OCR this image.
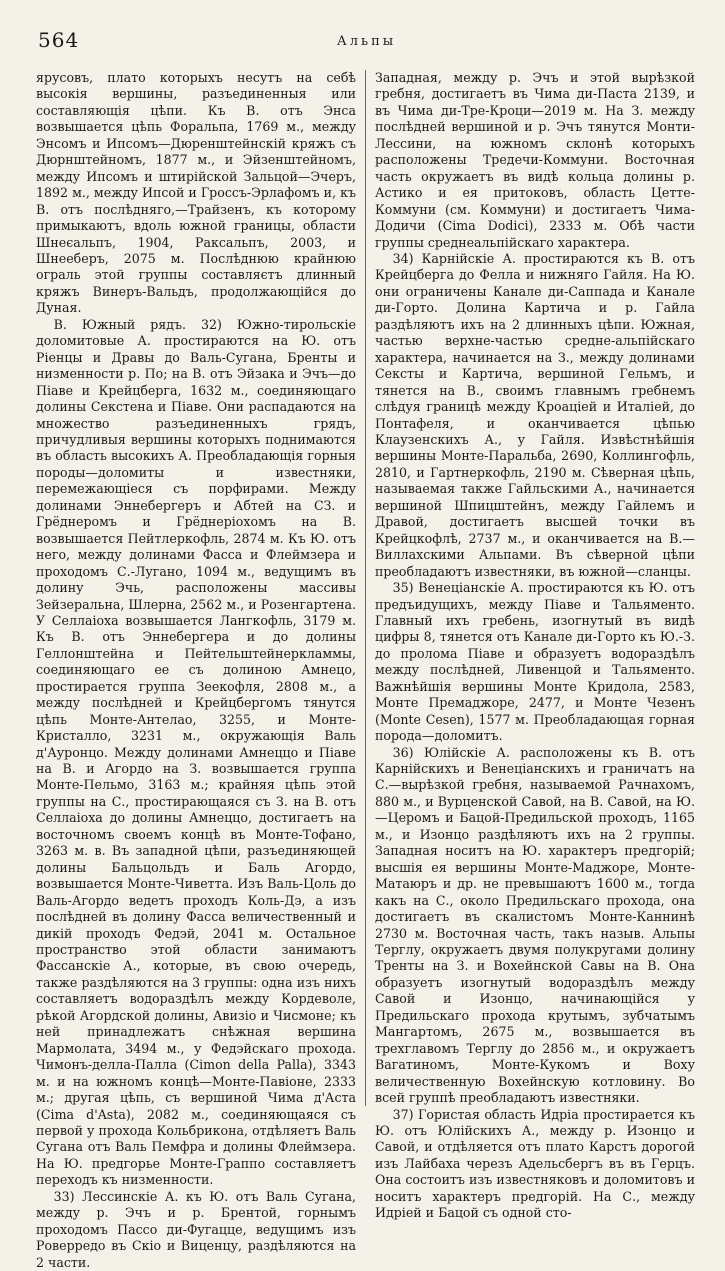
564	Альпы

ярусовъ, плато которыхъ несутъ на себѣ высокія вершины, разъединенныя или составляющія цѣпи. Къ В. отъ Энса возвышается цѣпь Форальпа, 1769 м., между Энсомъ и Ипсомъ—Дюренштейнскій кряжъ съ Дюрнштейномъ, 1877 м., и Эйзенштейномъ, между Ипсомъ и штирійской Зальцой—Эчеръ, 1892 м., между Ипсой и Гроссъ-Эрлафомъ и, къ В. отъ послѣдняго,—Трайзенъ, къ которому примыкаютъ, вдоль южной границы, области Шнеєальпъ, 1904, Раксальпъ, 2003, и Шнееберъ, 2075 м. Послѣднюю крайнюю ограль этой группы составляєтъ длинный кряжъ Винеръ-Вальдъ, продолжающійся до Дуная.

В. Южный рядъ. 32) Южно-тирольскіе доломитовые А. простираются на Ю. отъ Ріенцы и Дравы до Валь-Сугана, Бренты и низменности р. По; на В. отъ Эйзака и Эчъ—до Піаве и Крейцберга, 1632 м., соединяющаго долины Секстена и Піаве. Они распадаются на множество разъединенныхъ грядъ, причудливыя вершины которыхъ поднимаются въ область высокихъ А. Преобладающія горныя породы—доломиты и известняки, перемежающіеся съ порфирами. Между долинами Эннебергеръ и Абтей на СЗ. и Грёднеромъ и Грёднеріохомъ на В. возвышается Пейтлеркофль, 2874 м. Къ Ю. отъ него, между долинами Фасса и Флеймзера и проходомъ С.-Лугано, 1094 м., ведущимъ въ долину Эчь, расположены массивы Зейзеральна, Шлерна, 2562 м., и Розенгартена. У Селлаіоха возвышается Лангкофль, 3179 м. Къ В. отъ Эннебергера и до долины Геллонштейна и Пейтельштейнеркламмы, соединяющаго ее съ долиною Амнецо, простирается группа Зеекофля, 2808 м., а между послѣдней и Крейцбергомъ тянутся цѣпь Монте-Антелао, 3255, и Монте-Кристалло, 3231 м., окружающія Валь д'Ауронцо. Между долинами Амнеццо и Піаве на В. и Агордо на З. возвышается группа Монте-Пельмо, 3163 м.; крайняя цѣпь этой группы на С., простирающаяся съ З. на В. отъ Селлаіоха до долины Амнеццо, достигаетъ на восточномъ своемъ концѣ въ Монте-Тофано, 3263 м. в. Въ западной цѣпи, разъединяющей долины Бальцольдъ и Баль Агордо, возвышается Монте-Чиветта. Изъ Валь-Цоль до Валь-Агордо ведетъ проходъ Коль-Дэ, а изъ послѣдней въ долину Фасса величественный и дикій проходъ Федэй, 2041 м. Остальное пространство этой области занимаютъ Фассанскіе А., которые, въ свою очередь, также раздѣляются на 3 группы: одна изъ нихъ составляетъ водораздѣлъ между Кордеволе, рѣкой Агордской долины, Авизіо и Чисмоне; къ ней принадлежатъ снѣжная вершина Мармолата, 3494 м., у Федэйскаго прохода. Чимонъ-делла-Палла (Cimon della Palla), 3343 м. и на южномъ концѣ—Монте-Павіоне, 2333 м.; другая цѣпь, съ вершиной Чима д'Аста (Cima d'Asta), 2082 м., соединяющаяся съ первой у прохода Кольбрикона, отдѣляетъ Валь Сугана отъ Валь Пемфра и долины Флеймзера. На Ю. предгорье Монте-Граппо составляетъ переходъ къ низменности.

33) Лессинскіе А. къ Ю. отъ Валь Сугана, между р. Эчъ и р. Брентой, горнымъ проходомъ Пассо ди-Фугацце, ведущимъ изъ Роверредо въ Скіо и Виценцу, раздѣляются на 2 части.

Западная, между р. Эчъ и этой вырѣзкой гребня, достигаетъ въ Чима ди-Паста 2139, и въ Чима ди-Тре-Кроци—2019 м. На З. между послѣдней вершиной и р. Эчъ тянутся Монти-Лессини, на южномъ склонѣ которыхъ расположены Тредечи-Коммуни. Восточная часть окружаетъ въ видѣ кольца долины р. Астико и ея притоковъ, область Цетте-Коммуни (см. Коммуни) и достигаетъ Чима-Додичи (Cima Dodici), 2333 м. Обѣ части группы среднеальпійскаго характера.

34) Карнійскіе А. простираются къ В. отъ Крейцберга до Фелла и нижняго Гайля. На Ю. они ограничены Канале ди-Саппада и Канале ди-Горто. Долина Картича и р. Гайла раздѣляютъ ихъ на 2 длинныхъ цѣпи. Южная, частью верхне-частью средне-альпійскаго характера, начинается на З., между долинами Сексты и Картича, вершиной Гельмъ, и тянется на В., своимъ главнымъ гребнемъ слѣдуя границѣ между Кроаціей и Италіей, до Понтафеля, и оканчивается цѣпью Клаузенскихъ А., у Гайля. Извѣстнѣйшія вершины Монте-Паральба, 2690, Коллингофль, 2810, и Гартнеркофль, 2190 м. Сѣверная цѣпь, называемая также Гайльскими А., начинается вершиной Шпицштейнъ, между Гайлемъ и Дравой, достигаетъ высшей точки въ Крейцкофлѣ, 2737 м., и оканчивается на В.—Виллахскими Альпами. Въ сѣверной цѣпи преобладаютъ известняки, въ южной—сланцы.

35) Венеціанскіе А. простираются къ Ю. отъ предъидущихъ, между Піаве и Тальяменто. Главный ихъ гребень, изогнутый въ видѣ цифры 8, тянется отъ Канале ди-Горто къ Ю.-З. до пролома Піаве и образуетъ водораздѣлъ между послѣдней, Ливенцой и Тальяменто. Важнѣйшія вершины Монте Кридола, 2583, Монте Премаджоре, 2477, и Монте Чезенъ (Monte Cesen), 1577 м. Преобладающая горная порода—доломитъ.

36) Юлійскіе А. расположены къ В. отъ Карнійскихъ и Венеціанскихъ и граничатъ на С.—вырѣзкой гребня, называемой Рачнахомъ, 880 м., и Вурценской Савой, на В. Савой, на Ю.—Церомъ и Бацой-Предильской проходъ, 1165 м., и Изонцо раздѣляютъ ихъ на 2 группы. Западная носитъ на Ю. характеръ предгорій; высшія ея вершины Монте-Маджоре, Монте-Матаюръ и др. не превышаютъ 1600 м., тогда какъ на С., около Предильскаго прохода, она достигаетъ въ скалистомъ Монте-Каннинѣ 2730 м. Восточная часть, такъ назыв. Альпы Терглу, окружаетъ двумя полукругами долину Тренты на З. и Вохейнской Савы на В. Она образуетъ изогнутый водораздѣлъ между Савой и Изонцо, начинающійся у Предильскаго прохода крутымъ, зубчатымъ Мангартомъ, 2675 м., возвышается въ трехглавомъ Терглу до 2856 м., и окружаетъ Вагатиномъ, Монте-Кукомъ и Воху величественную Вохейнскую котловину. Во всей группѣ преобладаютъ известняки.

37) Гористая область Идріа простирается къ Ю. отъ Юлійскихъ А., между р. Изонцо и Савой, и отдѣляется отъ плато Карстъ дорогой изъ Лайбаха черезъ Адельсбергъ въ въ Герцъ. Она состоитъ изъ известняковъ и доломитовъ и носитъ характеръ предгорій. На С., между Идріей и Бацой съ одной сто-
